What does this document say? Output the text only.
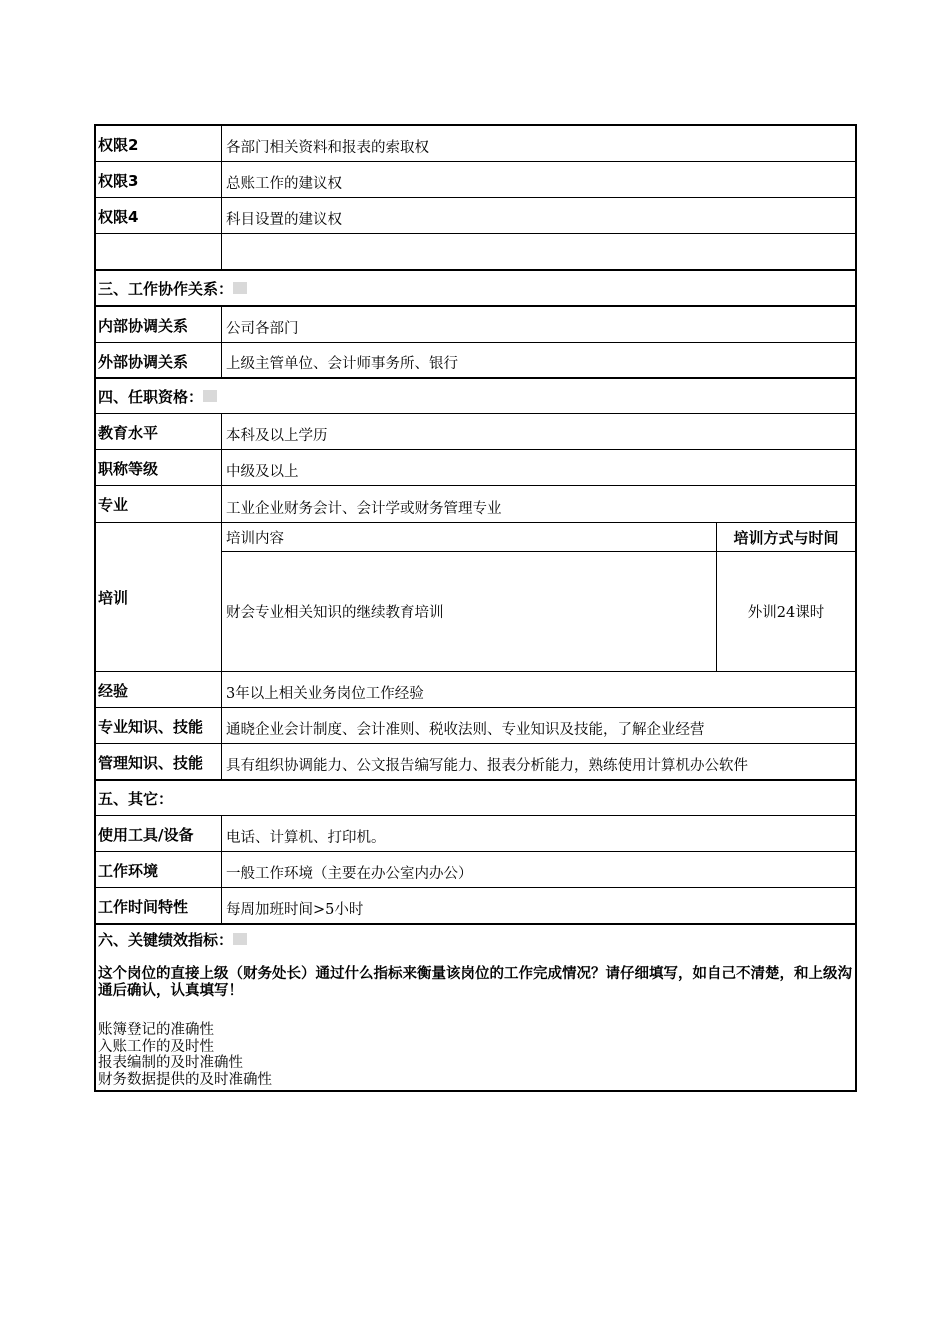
权限2	各部门相关资料和报表的索取权
权限3	总账工作的建议权
权限4	科目设置的建议权
三、工作协作关系：
内部协调关系	公司各部门
外部协调关系	上级主管单位、会计师事务所、银行
四、任职资格：
教育水平	本科及以上学历
职称等级	中级及以上
专业	工业企业财务会计、会计学或财务管理专业
培训
培训内容	培训方式与时间
财会专业相关知识的继续教育培训	外训24课时
经验	3年以上相关业务岗位工作经验
专业知识、技能	通晓企业会计制度、会计准则、税收法则、专业知识及技能，了解企业经营
管理知识、技能	具有组织协调能力、公文报告编写能力、报表分析能力，熟练使用计算机办公软件
五、其它：
使用工具/设备	电话、计算机、打印机。
工作环境	一般工作环境（主要在办公室内办公）
工作时间特性	每周加班时间>5小时
六、关键绩效指标：
这个岗位的直接上级（财务处长）通过什么指标来衡量该岗位的工作完成情况？请仔细填写，如自己不清楚，和上级沟通后确认，认真填写！
账簿登记的准确性
入账工作的及时性
报表编制的及时准确性
财务数据提供的及时准确性
